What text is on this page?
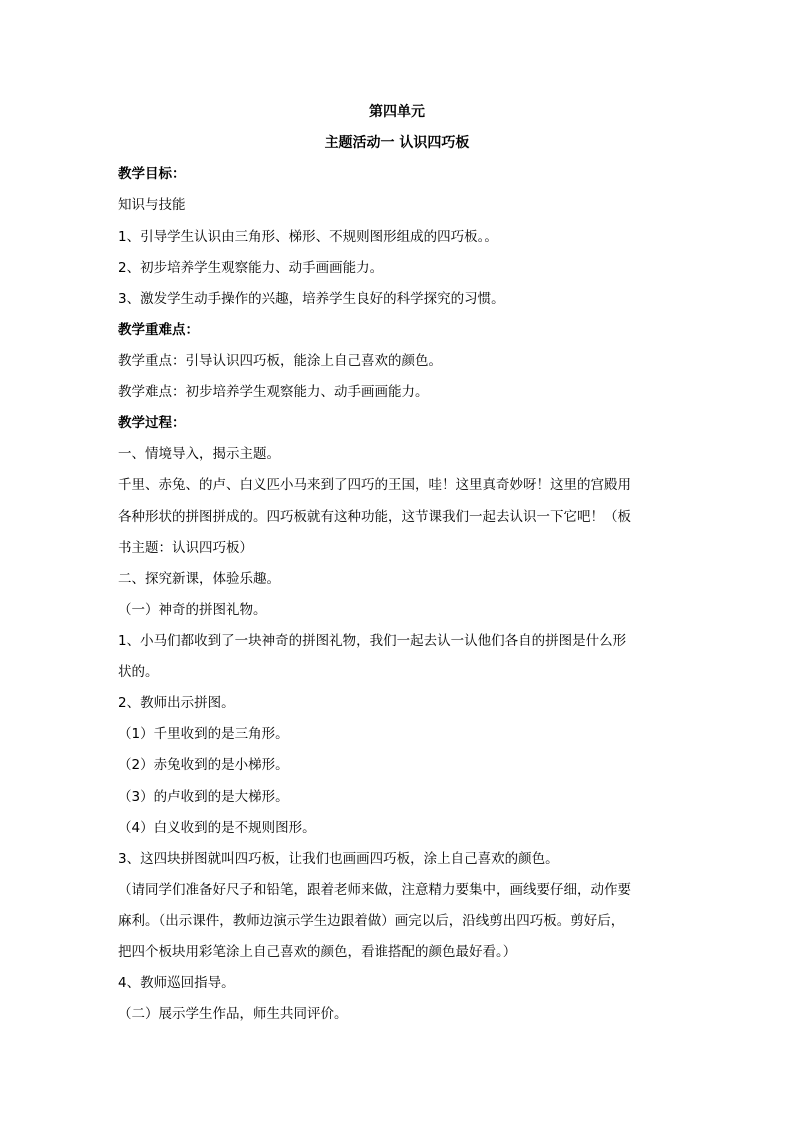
第四单元
主题活动一 认识四巧板
教学目标：
知识与技能
1、引导学生认识由三角形、梯形、不规则图形组成的四巧板。。
2、初步培养学生观察能力、动手画画能力。
3、激发学生动手操作的兴趣，培养学生良好的科学探究的习惯。
教学重难点：
教学重点：引导认识四巧板，能涂上自己喜欢的颜色。
教学难点：初步培养学生观察能力、动手画画能力。
教学过程：
一、情境导入，揭示主题。
千里、赤兔、的卢、白义匹小马来到了四巧的王国，哇！这里真奇妙呀！这里的宫殿用
各种形状的拼图拼成的。四巧板就有这种功能，这节课我们一起去认识一下它吧！（板
书主题：认识四巧板）
二、探究新课，体验乐趣。
（一）神奇的拼图礼物。
1、小马们都收到了一块神奇的拼图礼物，我们一起去认一认他们各自的拼图是什么形
状的。
2、教师出示拼图。
（1）千里收到的是三角形。
（2）赤兔收到的是小梯形。
（3）的卢收到的是大梯形。
（4）白义收到的是不规则图形。
3、这四块拼图就叫四巧板，让我们也画画四巧板，涂上自己喜欢的颜色。
（请同学们准备好尺子和铅笔，跟着老师来做，注意精力要集中，画线要仔细，动作要
麻利。（出示课件，教师边演示学生边跟着做）画完以后，沿线剪出四巧板。剪好后，
把四个板块用彩笔涂上自己喜欢的颜色，看谁搭配的颜色最好看。）
4、教师巡回指导。
（二）展示学生作品，师生共同评价。
